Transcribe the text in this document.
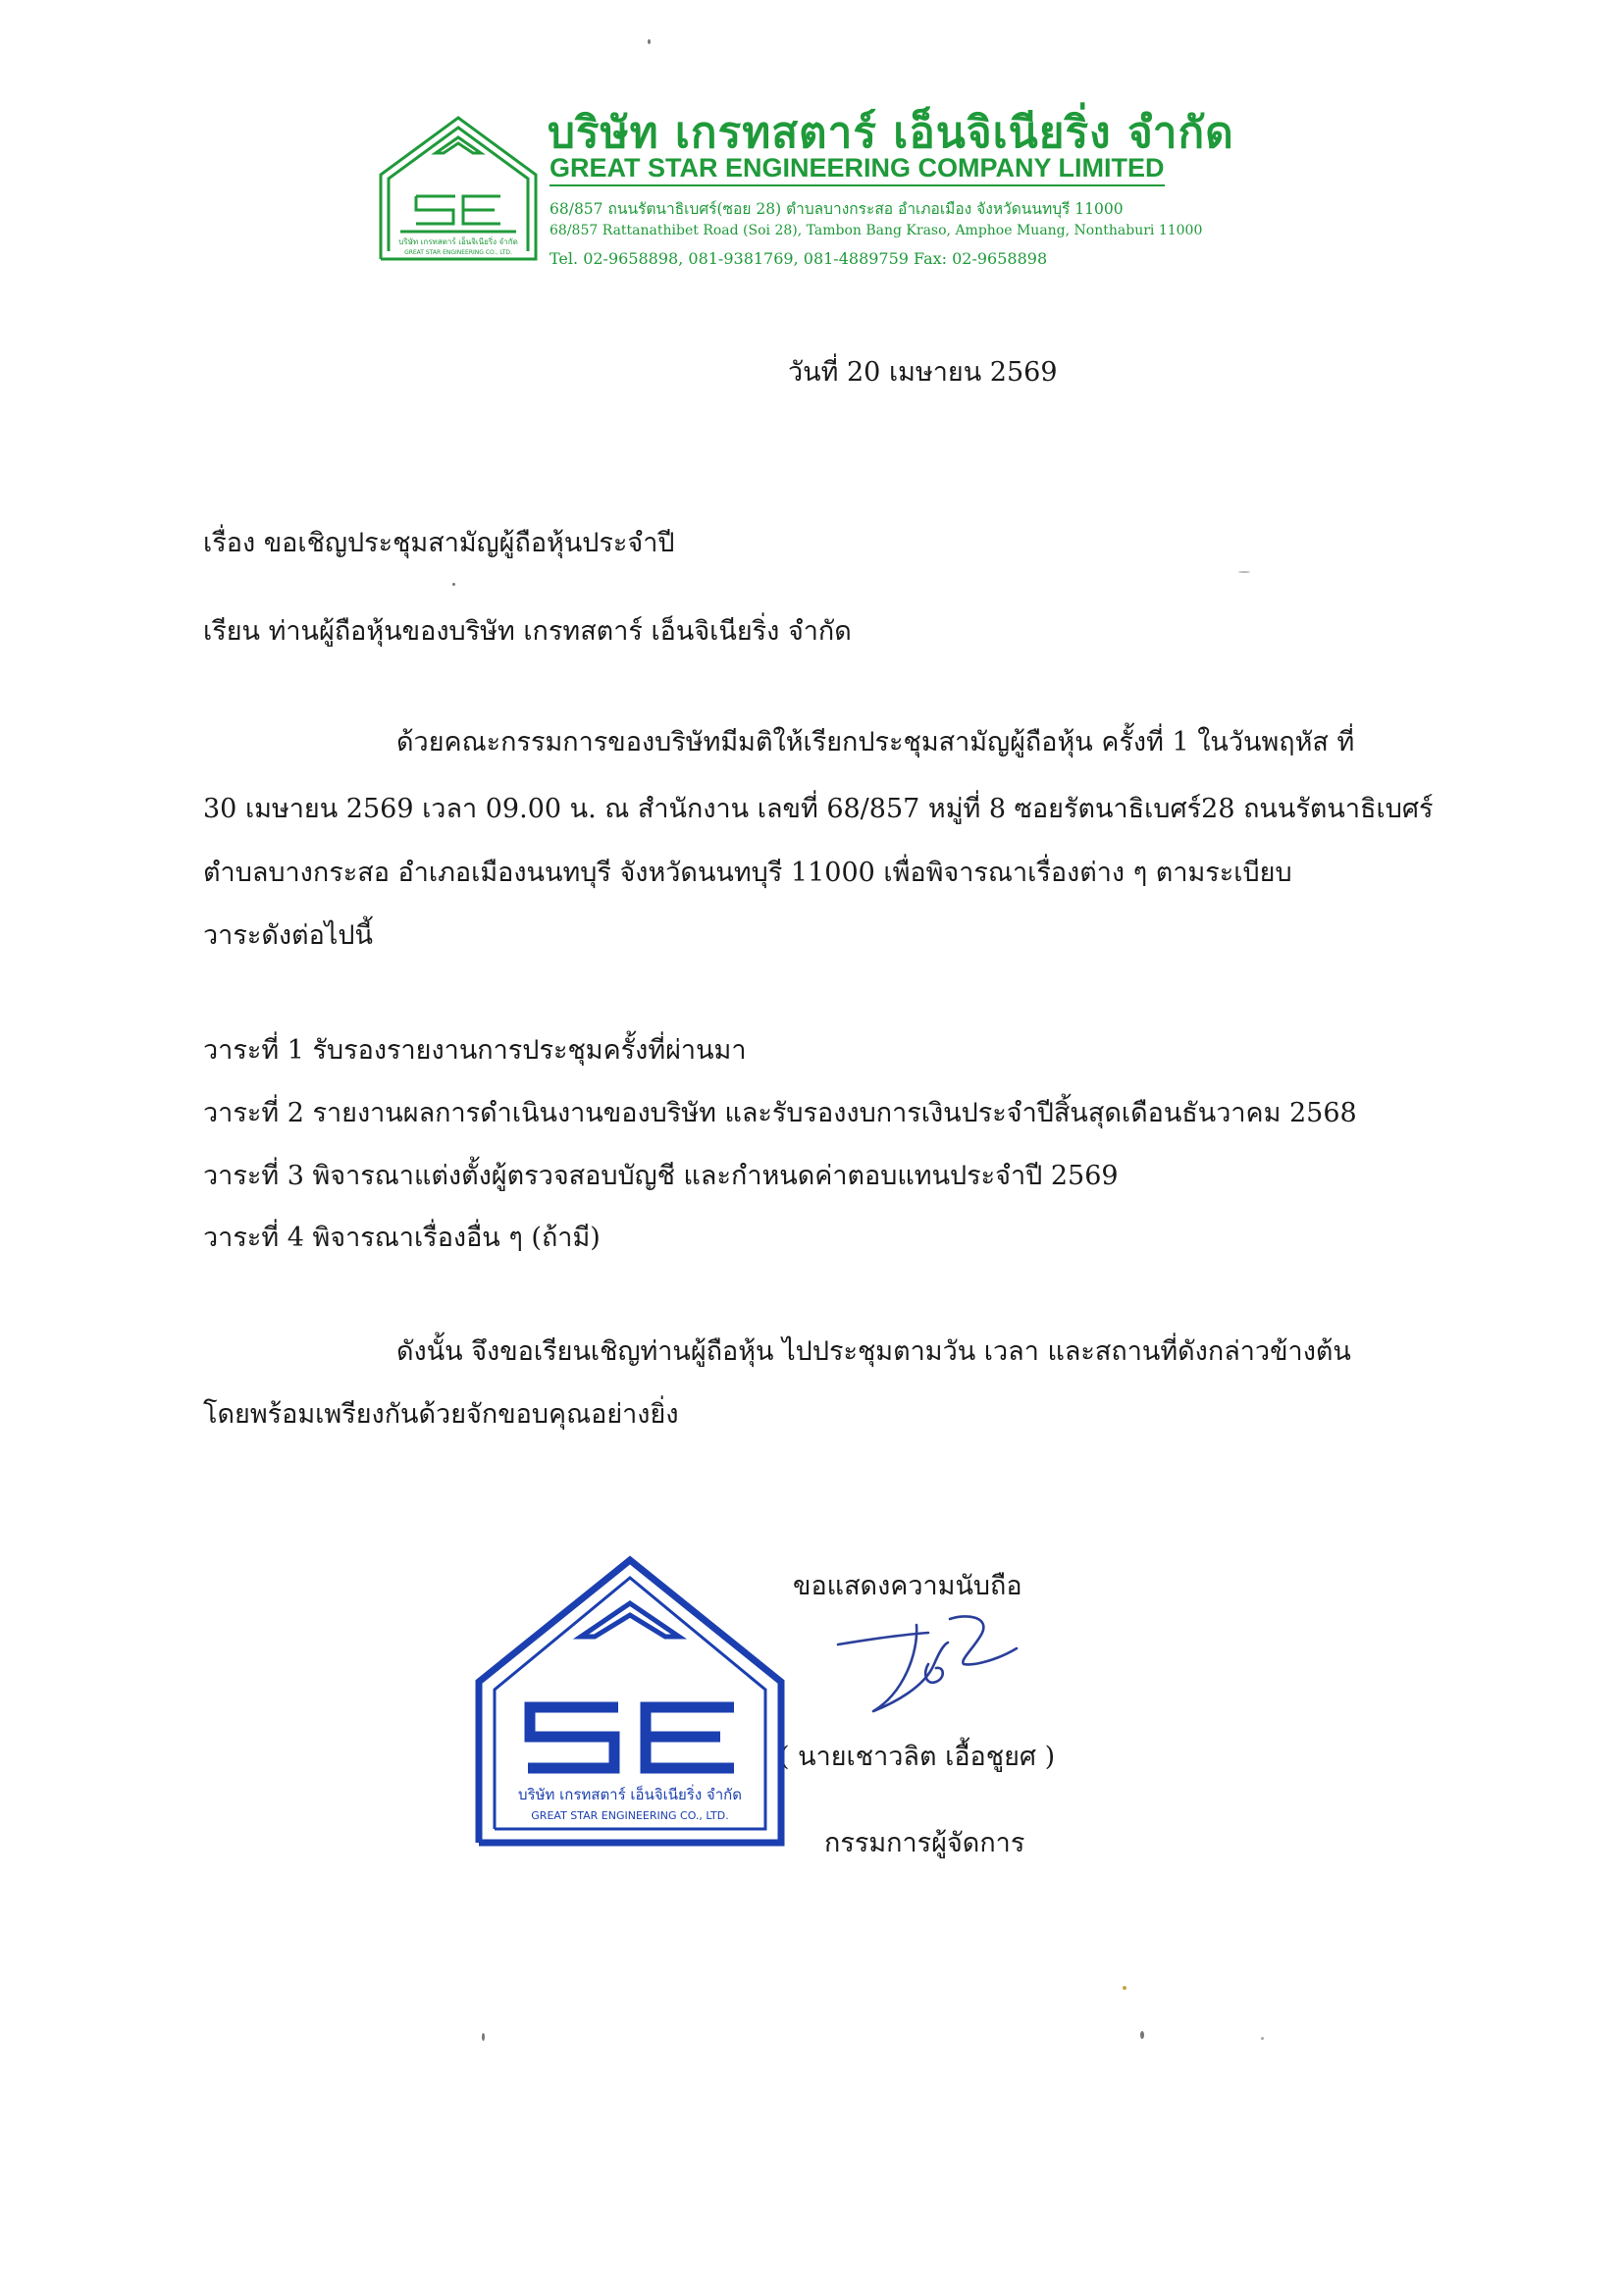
บริษัท เกรทสตาร์ เอ็นจิเนียริ่ง จำกัด
GREAT STAR ENGINEERING CO., LTD.
บริษัท เกรทสตาร์ เอ็นจิเนียริ่ง จำกัด
GREAT STAR ENGINEERING COMPANY LIMITED
68/857 ถนนรัตนาธิเบศร์(ซอย 28) ตำบลบางกระสอ อำเภอเมือง จังหวัดนนทบุรี 11000
68/857 Rattanathibet Road (Soi 28), Tambon Bang Kraso, Amphoe Muang, Nonthaburi 11000
Tel. 02-9658898, 081-9381769, 081-4889759 Fax: 02-9658898
วันที่ 20 เมษายน 2569
เรื่อง ขอเชิญประชุมสามัญผู้ถือหุ้นประจำปี
เรียน ท่านผู้ถือหุ้นของบริษัท เกรทสตาร์ เอ็นจิเนียริ่ง จำกัด
ด้วยคณะกรรมการของบริษัทมีมติให้เรียกประชุมสามัญผู้ถือหุ้น ครั้งที่ 1 ในวันพฤหัส ที่
30 เมษายน 2569 เวลา 09.00 น. ณ สำนักงาน เลขที่ 68/857 หมู่ที่ 8 ซอยรัตนาธิเบศร์28 ถนนรัตนาธิเบศร์
ตำบลบางกระสอ อำเภอเมืองนนทบุรี จังหวัดนนทบุรี 11000 เพื่อพิจารณาเรื่องต่าง ๆ ตามระเบียบ
วาระดังต่อไปนี้
วาระที่ 1 รับรองรายงานการประชุมครั้งที่ผ่านมา
วาระที่ 2 รายงานผลการดำเนินงานของบริษัท และรับรองงบการเงินประจำปีสิ้นสุดเดือนธันวาคม 2568
วาระที่ 3 พิจารณาแต่งตั้งผู้ตรวจสอบบัญชี และกำหนดค่าตอบแทนประจำปี 2569
วาระที่ 4 พิจารณาเรื่องอื่น ๆ (ถ้ามี)
ดังนั้น จึงขอเรียนเชิญท่านผู้ถือหุ้น ไปประชุมตามวัน เวลา และสถานที่ดังกล่าวข้างต้น
โดยพร้อมเพรียงกันด้วยจักขอบคุณอย่างยิ่ง
ขอแสดงความนับถือ
( นายเชาวลิต เอื้อชูยศ )
กรรมการผู้จัดการ
บริษัท เกรทสตาร์ เอ็นจิเนียริ่ง จำกัด
GREAT STAR ENGINEERING CO., LTD.
